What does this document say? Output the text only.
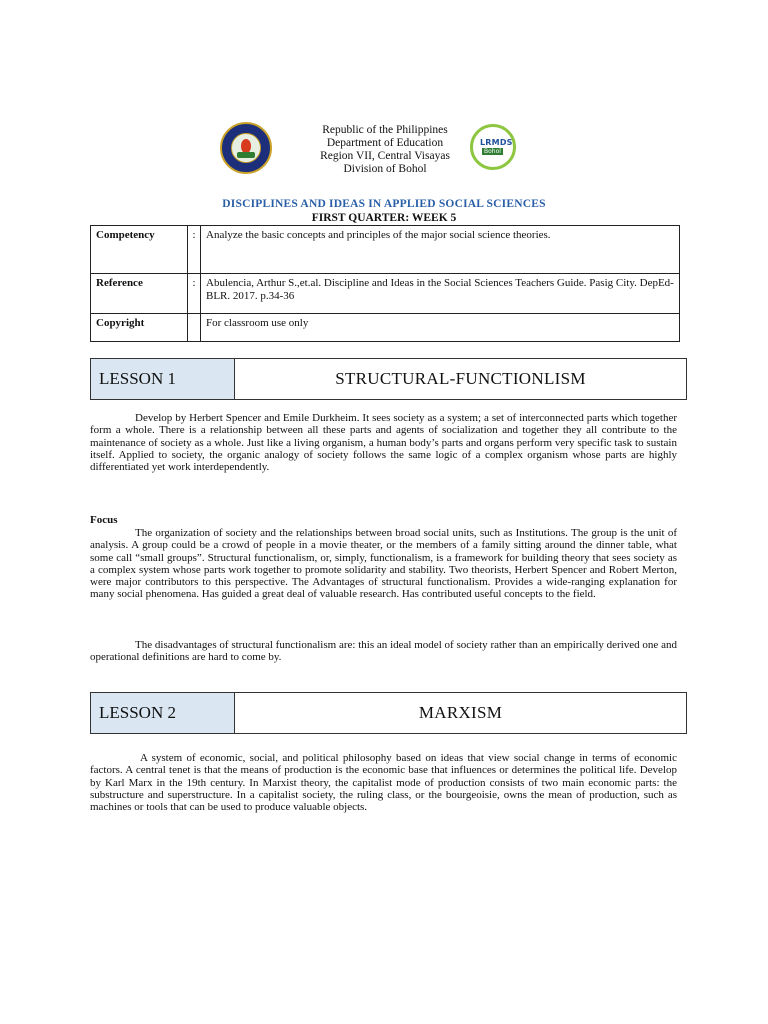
Republic of the Philippines
Department of Education
Region VII, Central Visayas
Division of Bohol
LRMDS
Bohol
DISCIPLINES AND IDEAS IN APPLIED SOCIAL SCIENCES
FIRST QUARTER: WEEK 5
Competency	:	Analyze the basic concepts and principles of the major social science theories.
Reference	:	Abulencia, Arthur S.,et.al. Discipline and Ideas in the Social Sciences Teachers Guide. Pasig City. DepEd-BLR. 2017. p.34-36
Copyright		For classroom use only
LESSON 1	STRUCTURAL-FUNCTIONLISM

Develop by Herbert Spencer and Emile Durkheim. It sees society as a system; a set of interconnected parts which together form a whole. There is a relationship between all these parts and agents of socialization and together they all contribute to the maintenance of society as a whole. Just like a living organism, a human body’s parts and organs perform very specific task to sustain itself. Applied to society, the organic analogy of society follows the same logic of a complex organism whose parts are highly differentiated yet work interdependently.

Focus

The organization of society and the relationships between broad social units, such as Institutions. The group is the unit of analysis. A group could be a crowd of people in a movie theater, or the members of a family sitting around the dinner table, what some call “small groups”. Structural functionalism, or, simply, functionalism, is a framework for building theory that sees society as a complex system whose parts work together to promote solidarity and stability. Two theorists, Herbert Spencer and Robert Merton, were major contributors to this perspective. The Advantages of structural functionalism. Provides a wide-ranging explanation for many social phenomena. Has guided a great deal of valuable research. Has contributed useful concepts to the field.

The disadvantages of structural functionalism are: this an ideal model of society rather than an empirically derived one and operational definitions are hard to come by.

LESSON 2	MARXISM

A system of economic, social, and political philosophy based on ideas that view social change in terms of economic factors. A central tenet is that the means of production is the economic base that influences or determines the political life. Develop by Karl Marx in the 19th century. In Marxist theory, the capitalist mode of production consists of two main economic parts: the substructure and superstructure. In a capitalist society, the ruling class, or the bourgeoisie, owns the mean of production, such as machines or tools that can be used to produce valuable objects.
